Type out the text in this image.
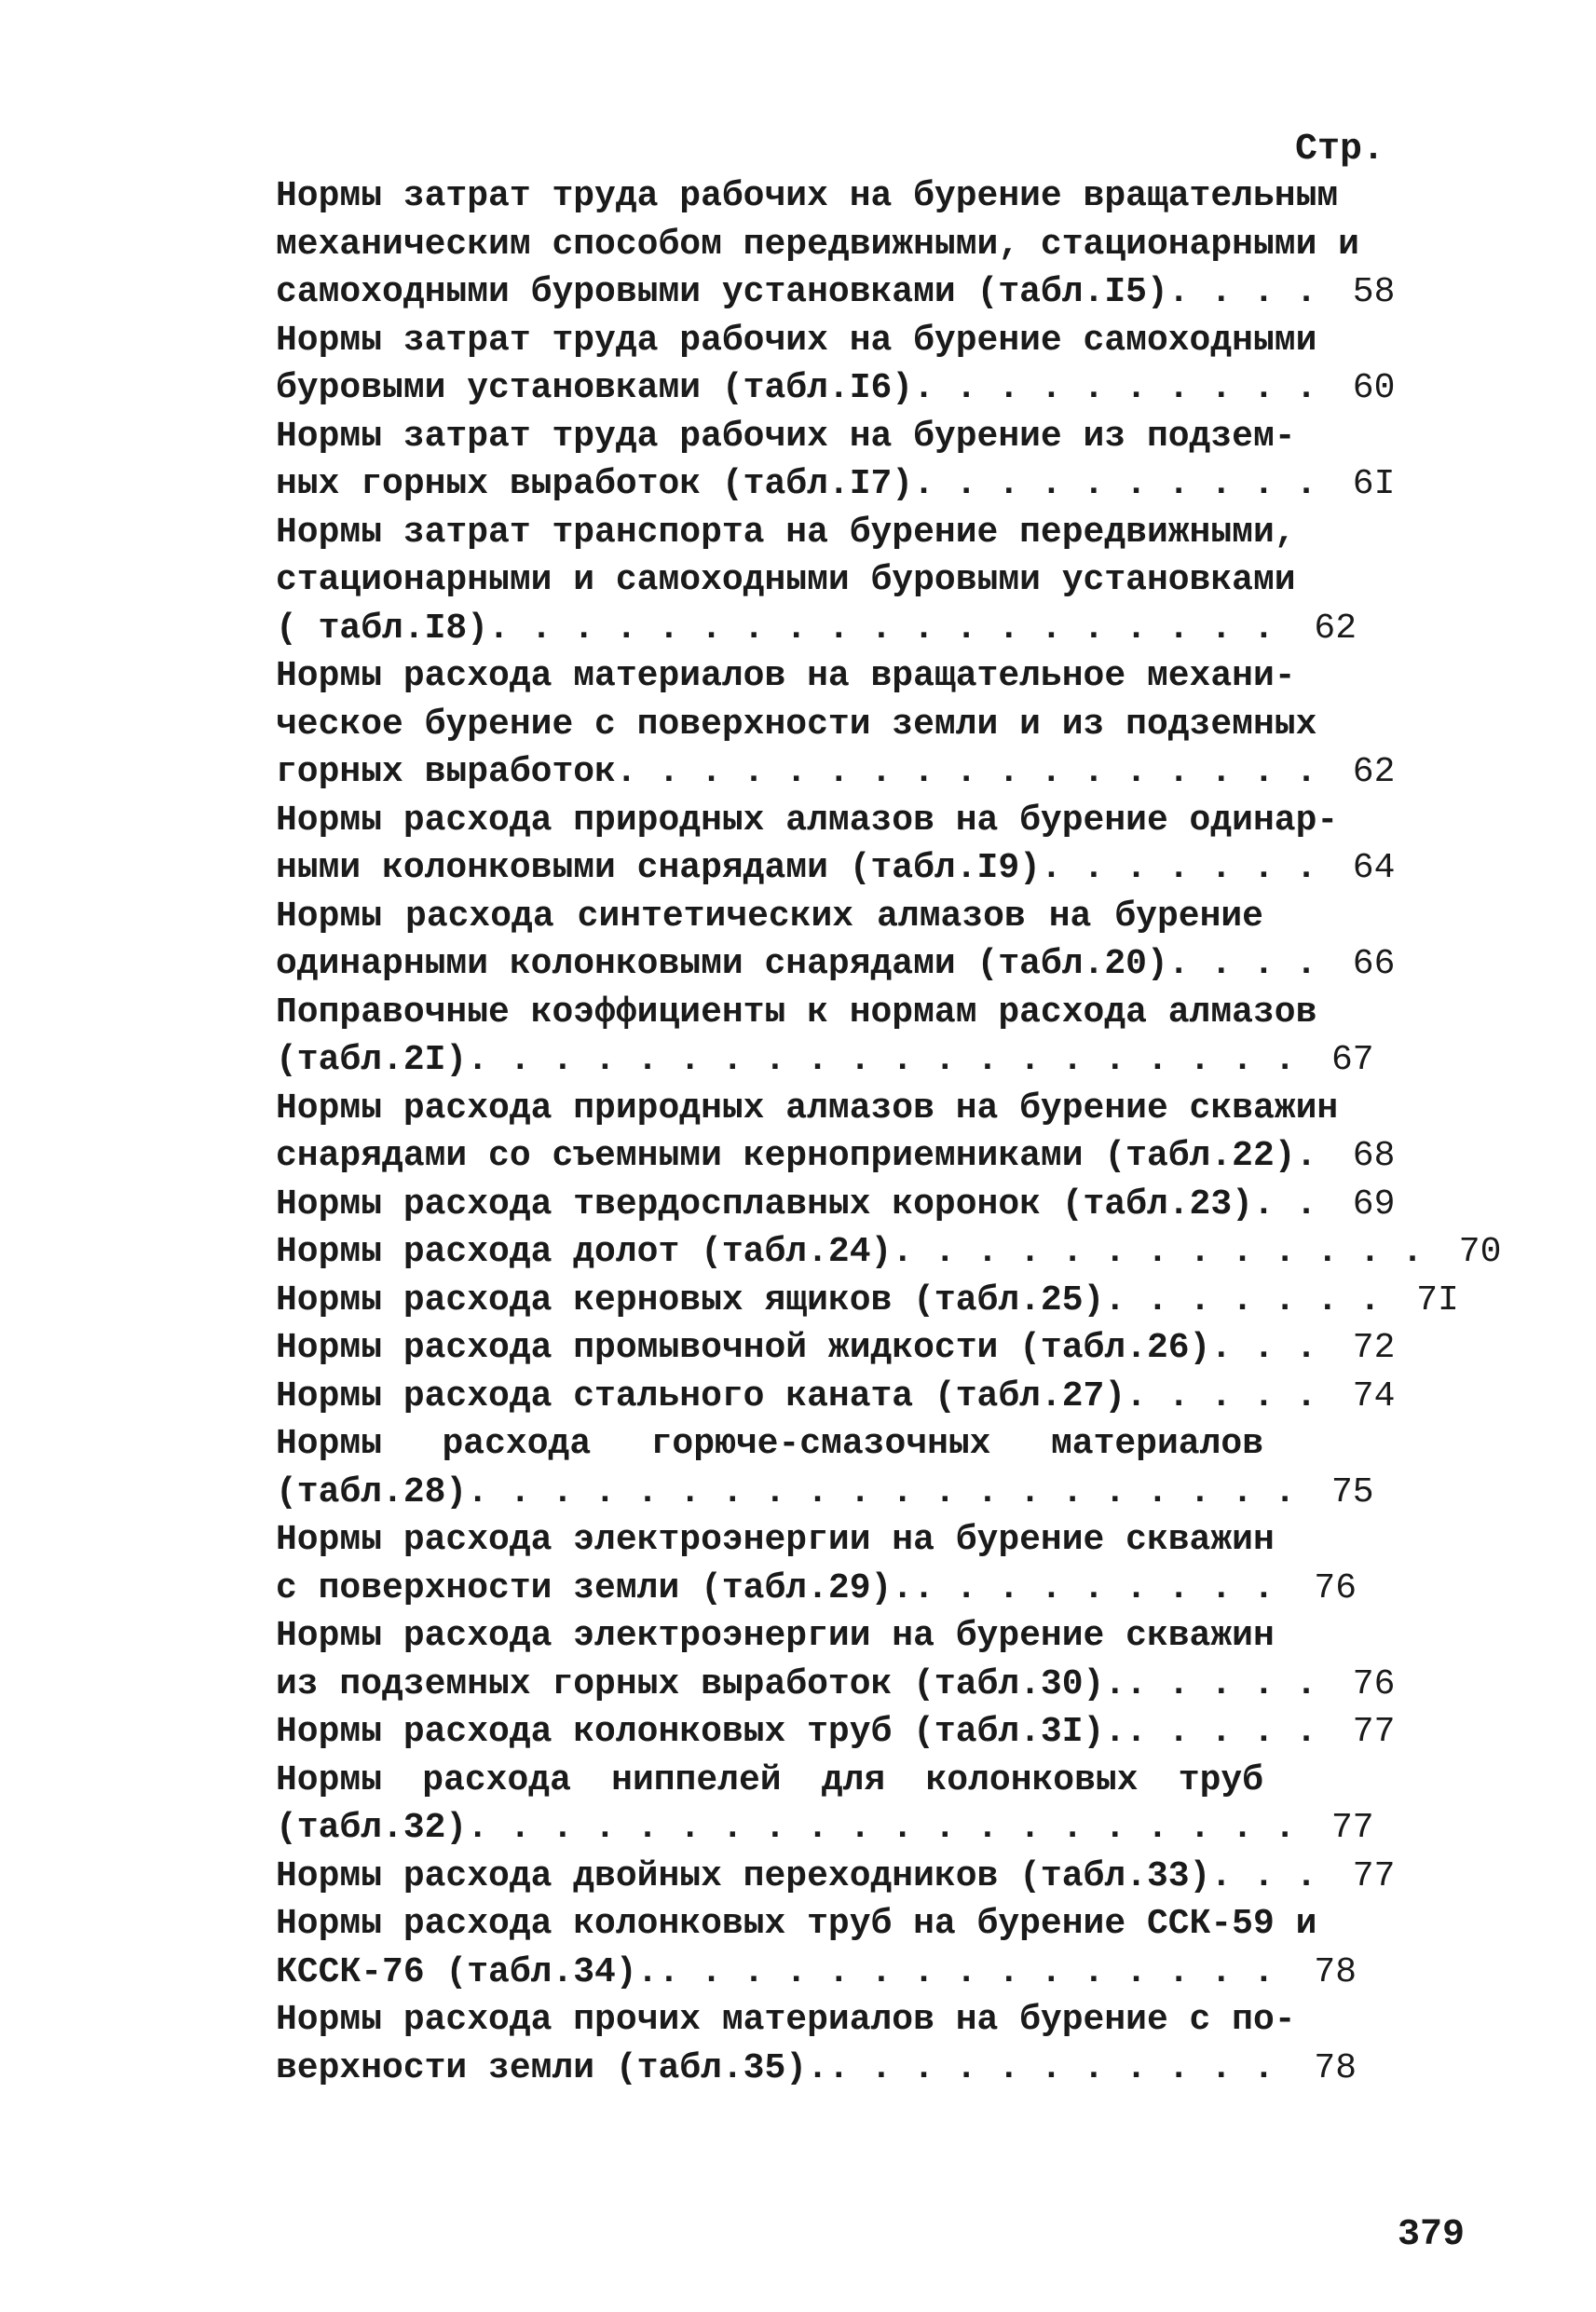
Стр.
Нормы затрат труда рабочих на бурение вращательным
механическим способом передвижными, стационарными и
самоходными буровыми установками (табл.I5) . . . .	58
Нормы затрат труда рабочих на бурение самоходными
буровыми установками (табл.I6) . . . . . . . . . .	60
Нормы затрат труда рабочих на бурение из подзем-
ных горных выработок (табл.I7) . . . . . . . . . .	6I
Нормы затрат транспорта на бурение передвижными,
стационарными и самоходными буровыми установками
( табл.I8) . . . . . . . . . . . . . . . . . . .	62
Нормы расхода материалов на вращательное механи-
ческое бурение с поверхности земли и из подземных
горных выработок . . . . . . . . . . . . . . . . .	62
Нормы расхода природных алмазов на бурение одинар-
ными колонковыми снарядами (табл.I9) . . . . . . .	64
Нормы расхода синтетических алмазов на бурение
одинарными колонковыми снарядами (табл.20) . . . .	66
Поправочные коэффициенты к нормам расхода алмазов
(табл.2I) . . . . . . . . . . . . . . . . . . . .	67
Нормы расхода природных алмазов на бурение скважин
снарядами со съемными керноприемниками (табл.22) .	68
Нормы расхода твердосплавных коронок (табл.23) . .	69
Нормы расхода долот (табл.24) . . . . . . . . . . . . .	70
Нормы расхода керновых ящиков (табл.25) . . . . . . .	7I
Нормы расхода промывочной жидкости (табл.26) . . .	72
Нормы расхода стального каната (табл.27) . . . . .	74
Нормы расхода горюче-смазочных материалов
(табл.28) . . . . . . . . . . . . . . . . . . . .	75
Нормы расхода электроэнергии на бурение скважин
с поверхности земли (табл.29). . . . . . . . . .	76
Нормы расхода электроэнергии на бурение скважин
из подземных горных выработок (табл.30). . . . . .	76
Нормы расхода колонковых труб (табл.3I). . . . . .	77
Нормы расхода ниппелей для колонковых труб
(табл.32) . . . . . . . . . . . . . . . . . . . .	77
Нормы расхода двойных переходников (табл.33) . . .	77
Нормы расхода колонковых труб на бурение ССК-59 и
КССК-76 (табл.34). . . . . . . . . . . . . . . .	78
Нормы расхода прочих материалов на бурение с по-
верхности земли (табл.35). . . . . . . . . . . .	78
379
